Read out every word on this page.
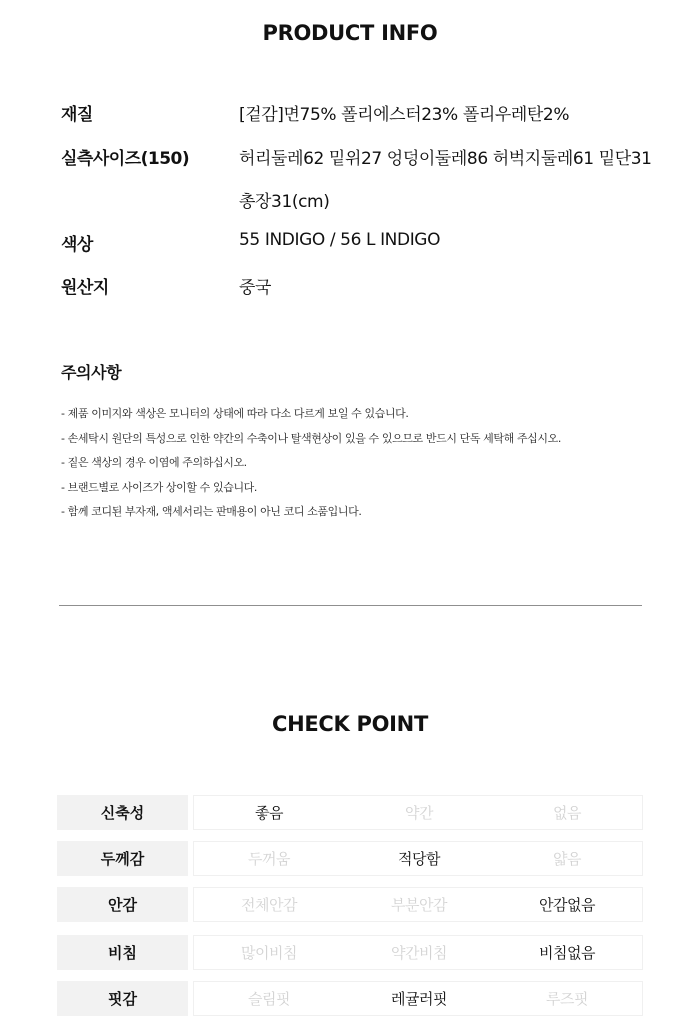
PRODUCT INFO
재질	[겉감]면75% 폴리에스터23% 폴리우레탄2%
실측사이즈(150)	허리둘레62 밑위27 엉덩이둘레86 허벅지둘레61 밑단31
총장31(cm)
색상	55 INDIGO / 56 L INDIGO
원산지	중국
주의사항
- 제품 이미지와 색상은 모니터의 상태에 따라 다소 다르게 보일 수 있습니다.
- 손세탁시 원단의 특성으로 인한 약간의 수축이나 탈색현상이 있을 수 있으므로 반드시 단독 세탁해 주십시오.
- 짙은 색상의 경우 이염에 주의하십시오.
- 브랜드별로 사이즈가 상이할 수 있습니다.
- 함께 코디된 부자재, 액세서리는 판매용이 아닌 코디 소품입니다.
CHECK POINT
신축성	좋음	약간	없음
두께감	두꺼움	적당함	얇음
안감	전체안감	부분안감	안감없음
비침	많이비침	약간비침	비침없음
핏감	슬림핏	레귤러핏	루즈핏
